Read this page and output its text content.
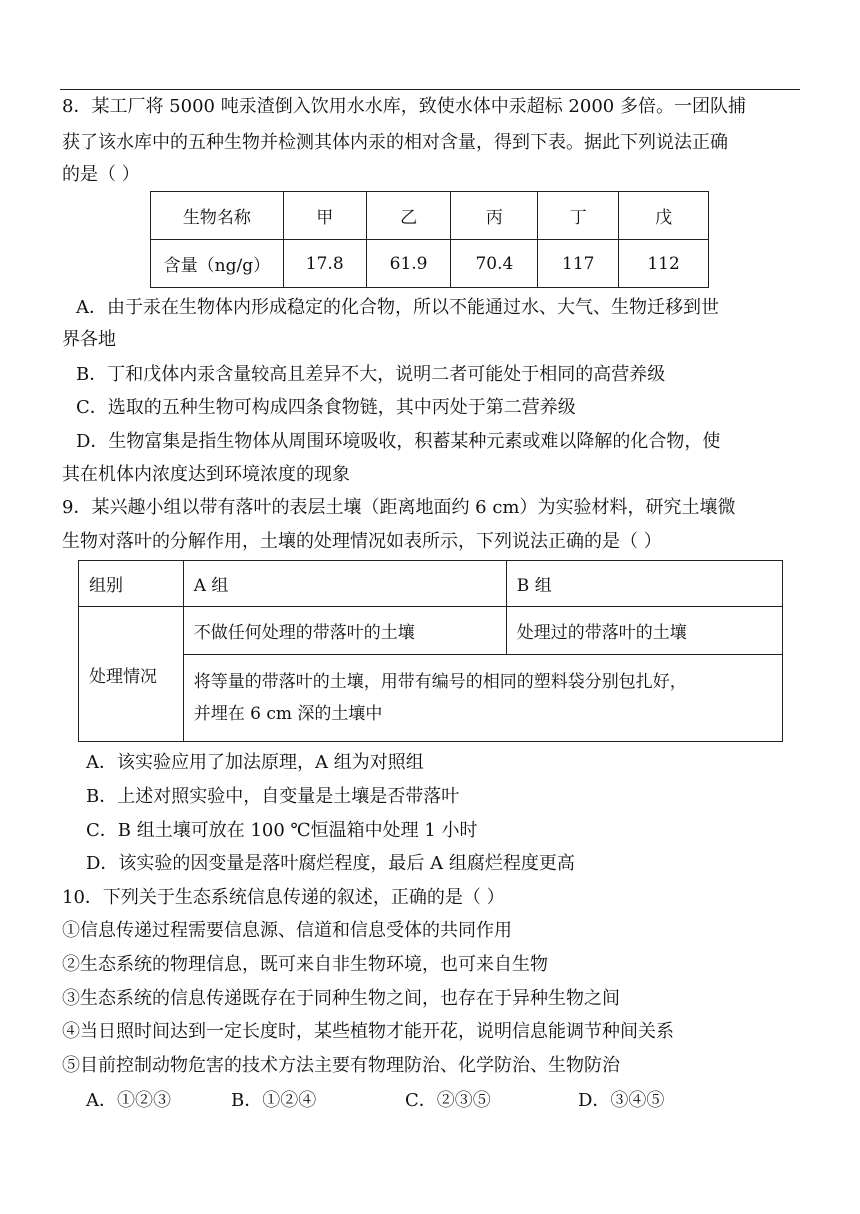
8．某工厂将 5000 吨汞渣倒入饮用水水库，致使水体中汞超标 2000 多倍。一团队捕
获了该水库中的五种生物并检测其体内汞的相对含量，得到下表。据此下列说法正确
的是（ ）
生物名称	甲	乙	丙	丁	戊
含量（ng/g）	17.8	61.9	70.4	117	112
A．由于汞在生物体内形成稳定的化合物，所以不能通过水、大气、生物迁移到世
界各地
B．丁和戊体内汞含量较高且差异不大，说明二者可能处于相同的高营养级
C．选取的五种生物可构成四条食物链，其中丙处于第二营养级
D．生物富集是指生物体从周围环境吸收，积蓄某种元素或难以降解的化合物，使
其在机体内浓度达到环境浓度的现象
9．某兴趣小组以带有落叶的表层土壤（距离地面约 6 cm）为实验材料，研究土壤微
生物对落叶的分解作用，土壤的处理情况如表所示，下列说法正确的是（ ）
组别	A 组	B 组
处理情况	不做任何处理的带落叶的土壤	处理过的带落叶的土壤

	将等量的带落叶的土壤，用带有编号的相同的塑料袋分别包扎好，
并埋在 6 cm 深的土壤中	
A．该实验应用了加法原理，A 组为对照组
B．上述对照实验中，自变量是土壤是否带落叶
C．B 组土壤可放在 100 ℃恒温箱中处理 1 小时
D．该实验的因变量是落叶腐烂程度，最后 A 组腐烂程度更高
10．下列关于生态系统信息传递的叙述，正确的是（ ）
①信息传递过程需要信息源、信道和信息受体的共同作用
②生态系统的物理信息，既可来自非生物环境，也可来自生物
③生态系统的信息传递既存在于同种生物之间，也存在于异种生物之间
④当日照时间达到一定长度时，某些植物才能开花，说明信息能调节种间关系
⑤目前控制动物危害的技术方法主要有物理防治、化学防治、生物防治
A．①②③	B．①②④	C．②③⑤	D．③④⑤
